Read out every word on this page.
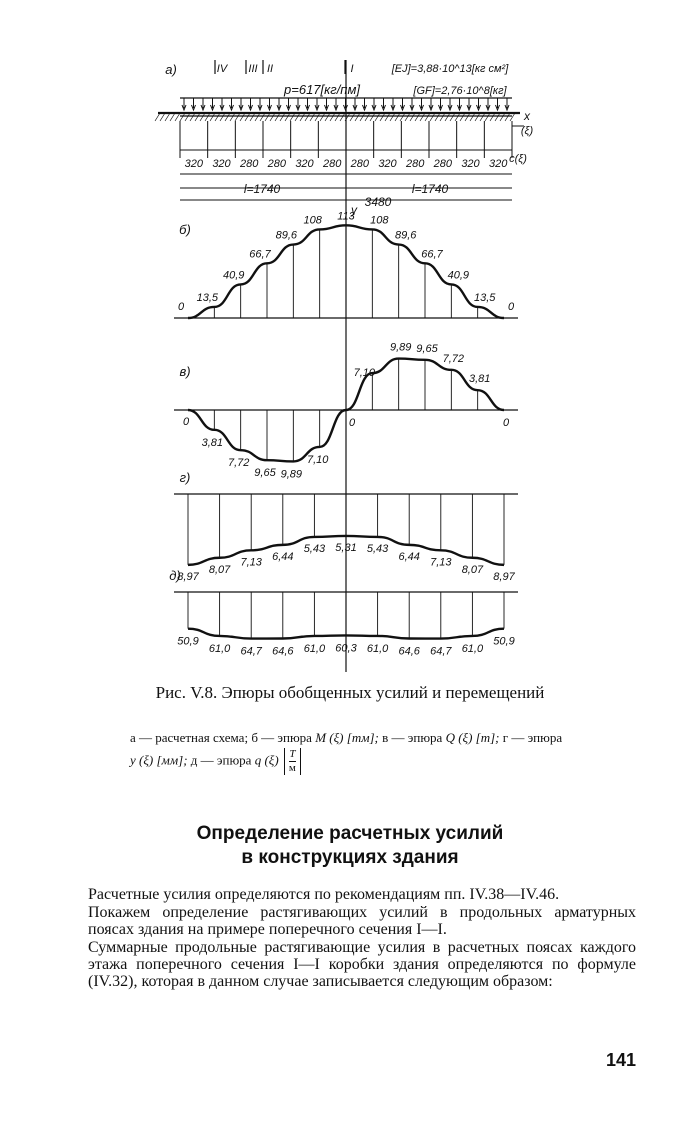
а)
б)
в)
г)
д)
IV III II	I
p=617[кг/пм]
[EJ]=3,88·10^13[кг см²]
[GF]=2,76·10^8[кг]
x
(ξ)
320 320 280 280 320 280 280 320 280 280 320 320 c(ξ)
l=1740	l=1740
3480
y
0
13,5
40,9
66,7
89,6
108 113 108
89,6
66,7
40,9
13,5
0
0
3,81
7,72
9,65 9,89
7,10
7,10
9,89 9,65
7,72
3,81
0	0
8,97
8,07
7,13 6,44
5,43 5,31 5,43
6,44 7,13
8,07
8,97
50,9
61,0 64,7 64,6 61,0 60,3 61,0 64,6 64,7 61,0
50,9
Рис. V.8. Эпюры обобщенных усилий и перемещений
а — расчетная схема; б — эпюра M (ξ) [тм]; в — эпюра Q (ξ) [т]; г — эпюра y (ξ) [мм]; д — эпюра q $(\xi) \frac{Т}{м}$
Определение расчетных усилий
в конструкциях здания

Расчетные усилия определяются по рекомендациям пп. IV.38—IV.46.

Покажем определение растягивающих усилий в продольных арматурных поясах здания на примере поперечного сечения I—I.

Суммарные продольные растягивающие усилия в расчетных поясах каждого этажа поперечного сечения I—I коробки здания определяются по формуле (IV.32), которая в данном случае записывается следующим образом:

141
